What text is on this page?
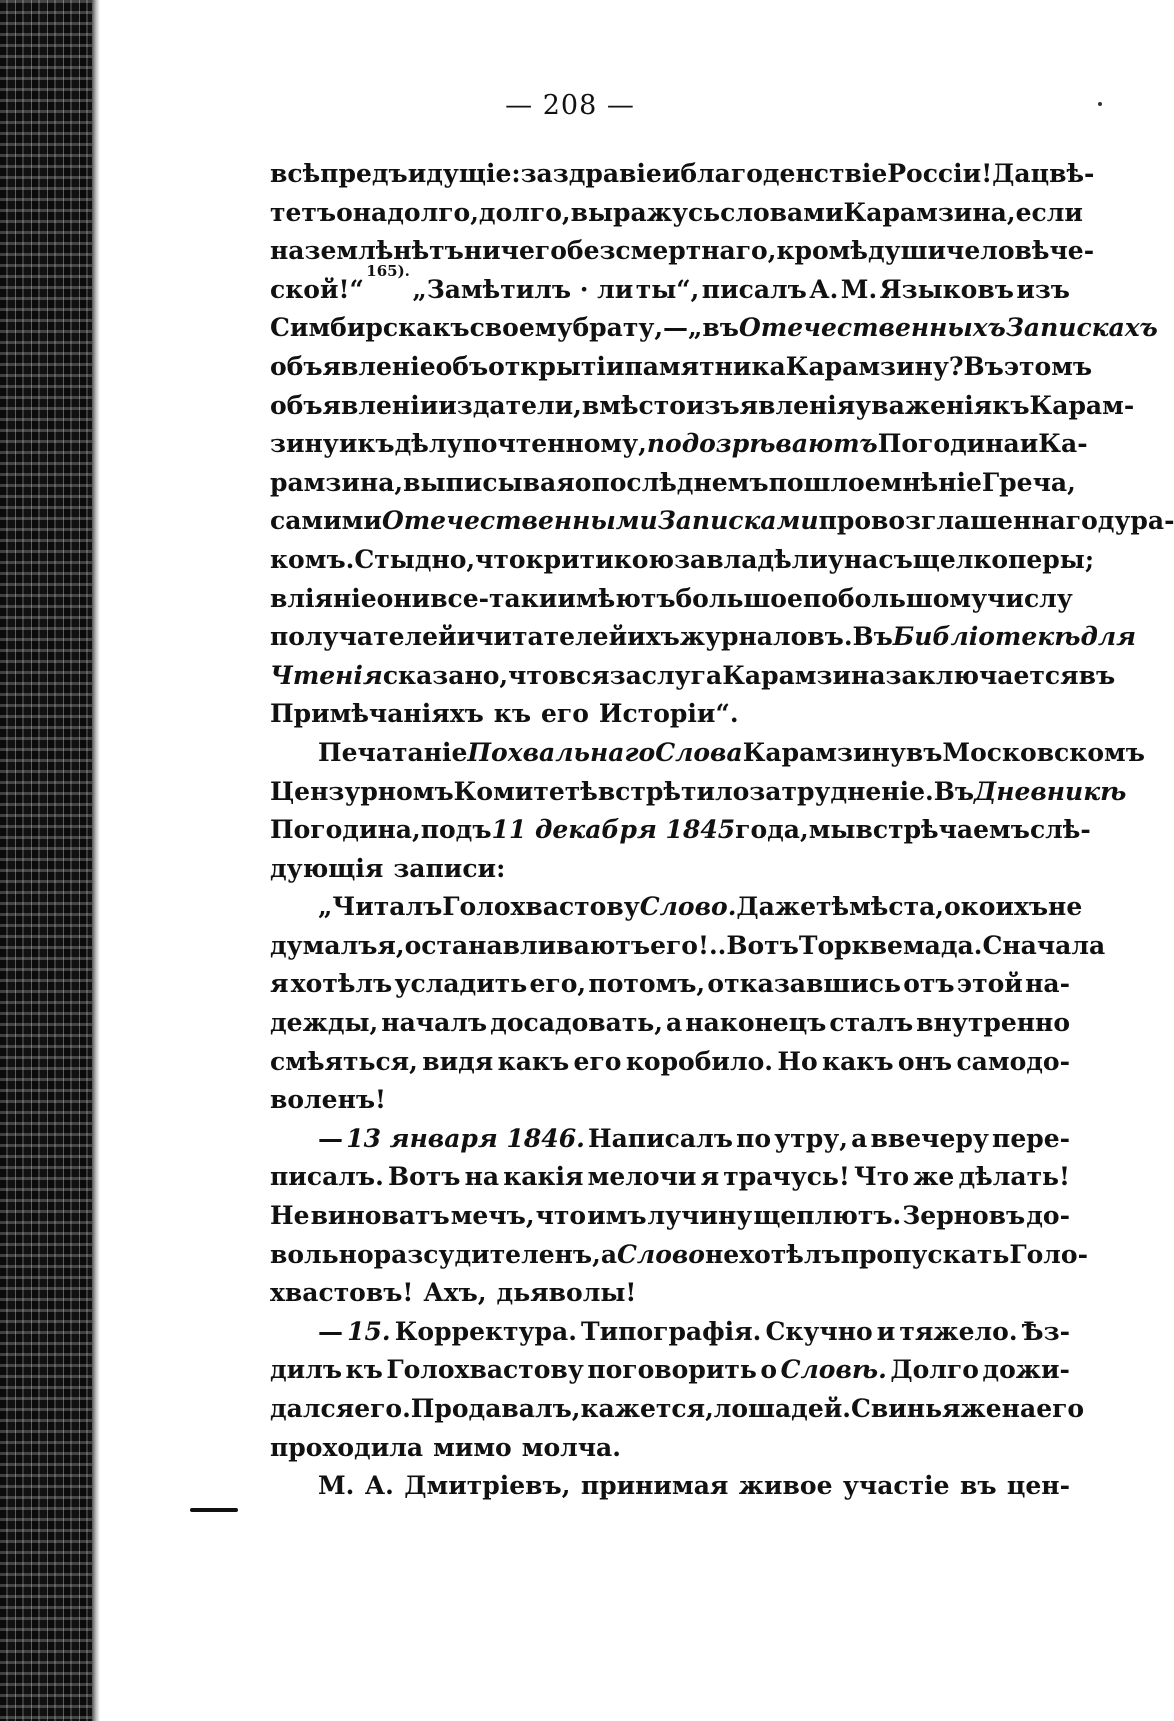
— 208 —
всѣ предъидущіе: за здравіе и благоденствіе Россіи! Да цвѣ-
тетъ она долго, долго, выражусь словами Карамзина, если
на землѣ нѣтъ ничего безсмертнаго, кромѣ души человѣче-
ской!“
165).
„Замѣтилъ · ли ты“, писалъ А. М. Языковъ изъ
Симбирска къ своему брату,—„въ Отечественныхъ Запискахъ
объявленіе объ открытіи памятника Карамзину? Въ этомъ
объявленіи издатели, вмѣсто изъявленія уваженія къ Карам-
зину и къ дѣлу почтенному, подозрѣваютъ Погодина и Ка-
рамзина, выписывая о послѣднемъ пошлое мнѣніе Греча,
самими Отечественными Записками провозглашеннаго дура-
комъ. Стыдно, что критикою завладѣли у насъ щелкоперы;
вліяніе они все-таки имѣютъ большое по большому числу
получателей и читателей ихъ журналовъ. Въ Библіотекѣ для
Чтенія сказано, что вся заслуга Карамзина заключается въ
Примѣчаніяхъ къ его Исторіи“.
Печатаніе Похвальнаго Слова Карамзину въ Московскомъ
Цензурномъ Комитетѣ встрѣтило затрудненіе. Въ Дневникѣ
Погодина, подъ 11 декабря 1845 года, мы встрѣчаемъ слѣ-
дующія записи:
„Читалъ Голохвастову Слово. Даже тѣ мѣста, о коихъ не
думалъ я, останавливаютъ его!.. Вотъ Торквемада. Сначала
я хотѣлъ усладить его, потомъ, отказавшись отъ этой на-
дежды, началъ досадовать, а наконецъ сталъ внутренно
смѣяться, видя какъ его коробило. Но какъ онъ самодо-
воленъ!
— 13 января 1846. Написалъ по утру, а ввечеру пере-
писалъ. Вотъ на какія мелочи я трачусь! Что же дѣлать!
Не виноватъ мечъ, что имъ лучину щеплютъ. Зерновъ до-
вольно разсудителенъ, а Слово не хотѣлъ пропускать Голо-
хвастовъ! Ахъ, дьяволы!
— 15. Корректура. Типографія. Скучно и тяжело. Ѣз-
дилъ къ Голохвастову поговорить о Словѣ. Долго дожи-
дался его. Продавалъ, кажется, лошадей. Свинья жена его
проходила мимо молча.
М. А. Дмитріевъ, принимая живое участіе въ цен-
